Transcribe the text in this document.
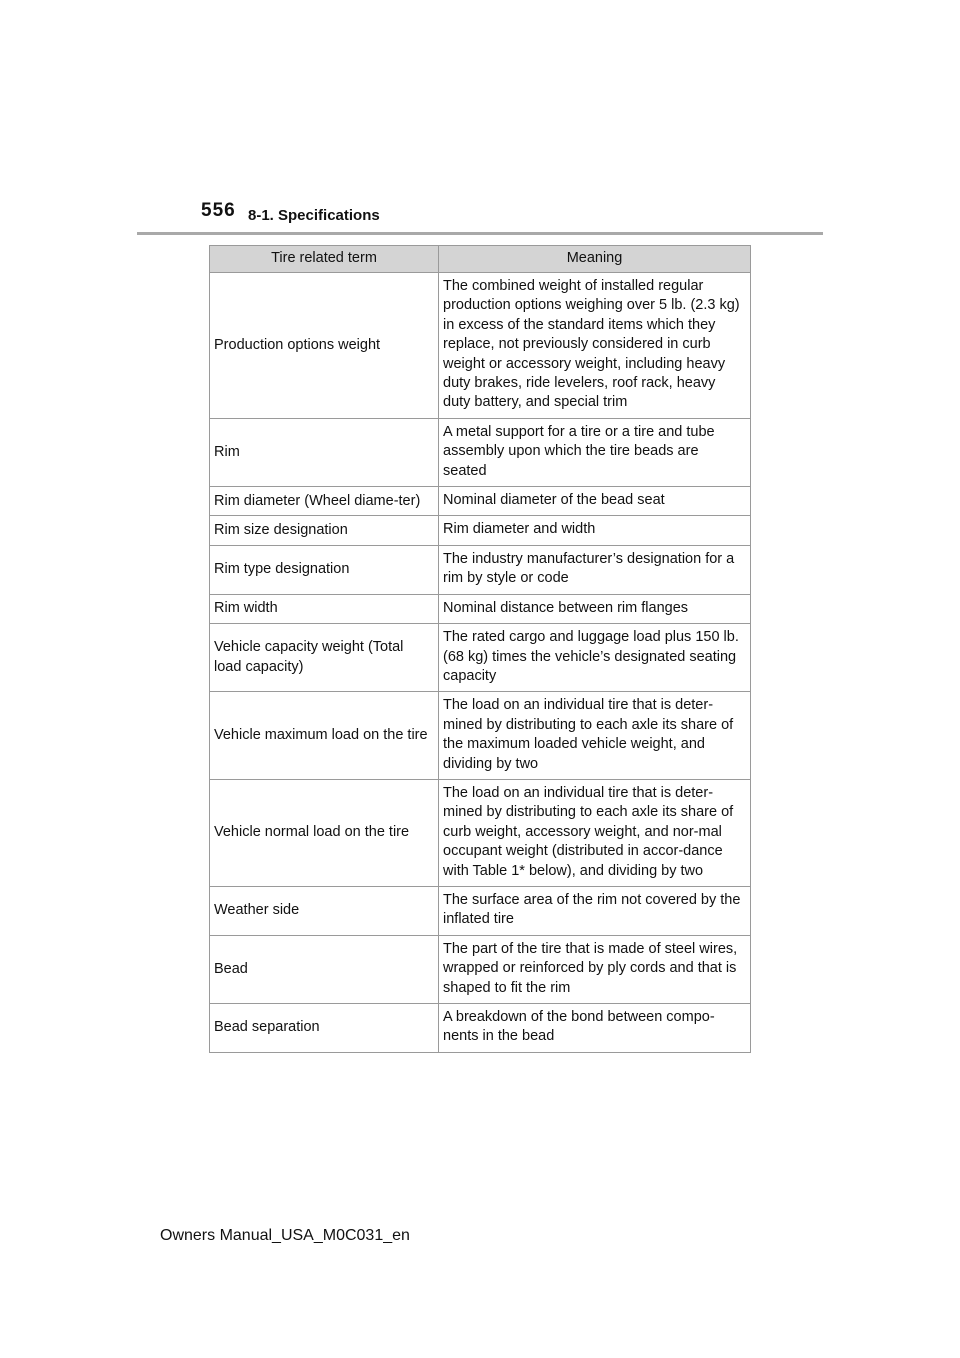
556 8-1. Specifications
Tire related term	Meaning
Production options weight	The combined weight of installed regular production options weighing over 5 lb. (2.3 kg) in excess of the standard items which they replace, not previously considered in curb weight or accessory weight, including heavy duty brakes, ride levelers, roof rack, heavy duty battery, and special trim
Rim	A metal support for a tire or a tire and tube assembly upon which the tire beads are seated
Rim diameter (Wheel diame-ter)	Nominal diameter of the bead seat
Rim size designation	Rim diameter and width
Rim type designation	The industry manufacturer’s designation for a rim by style or code
Rim width	Nominal distance between rim flanges
Vehicle capacity weight (Total load capacity)	The rated cargo and luggage load plus 150 lb. (68 kg) times the vehicle’s designated seating capacity
Vehicle maximum load on the tire	The load on an individual tire that is deter-mined by distributing to each axle its share of the maximum loaded vehicle weight, and dividing by two
Vehicle normal load on the tire	The load on an individual tire that is deter-mined by distributing to each axle its share of curb weight, accessory weight, and nor-mal occupant weight (distributed in accor-dance with Table 1* below), and dividing by two
Weather side	The surface area of the rim not covered by the inflated tire
Bead	The part of the tire that is made of steel wires, wrapped or reinforced by ply cords and that is shaped to fit the rim
Bead separation	A breakdown of the bond between compo-nents in the bead
Owners Manual_USA_M0C031_en
